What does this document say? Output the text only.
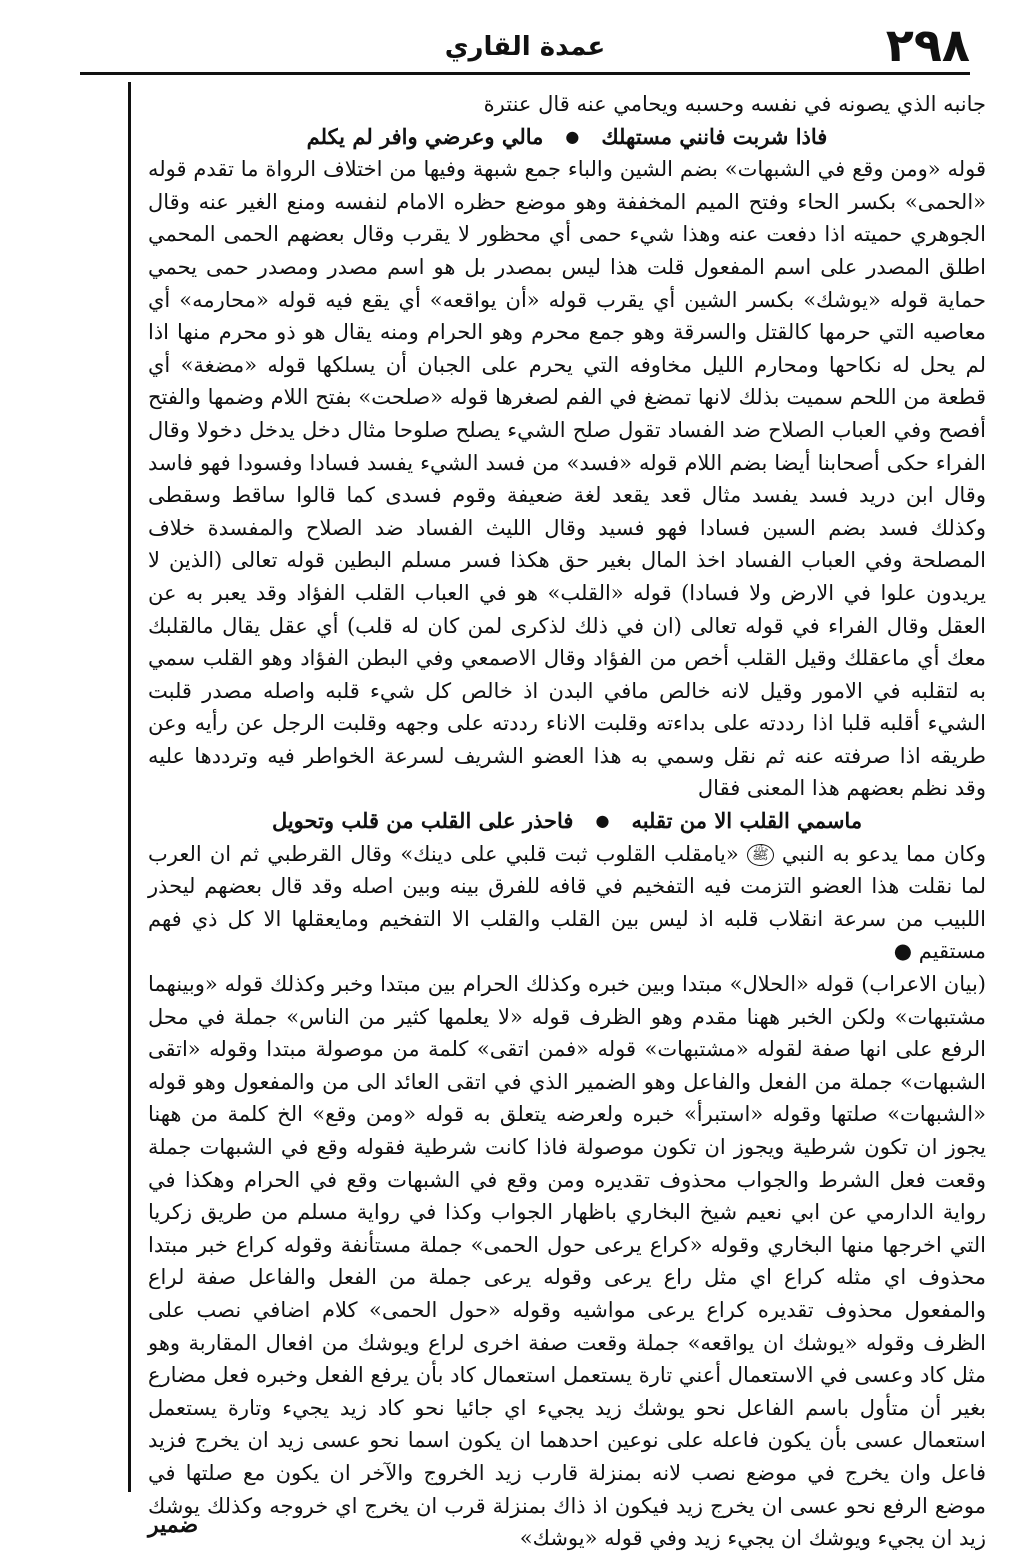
٢٩٨
عمدة القاري

جانبه الذي يصونه في نفسه وحسبه ويحامي عنه قال عنترة

فاذا شربت فانني مستهلك
●
مالي وعرضي وافر لم يكلم

قوله «ومن وقع في الشبهات» بضم الشين والباء جمع شبهة وفيها من اختلاف الرواة ما تقدم قوله «الحمى» بكسر الحاء وفتح الميم المخففة وهو موضع حظره الامام لنفسه ومنع الغير عنه وقال الجوهري حميته اذا دفعت عنه وهذا شيء حمى أي محظور لا يقرب وقال بعضهم الحمى المحمي اطلق المصدر على اسم المفعول قلت هذا ليس بمصدر بل هو اسم مصدر ومصدر حمى يحمي حماية قوله «يوشك» بكسر الشين أي يقرب قوله «أن يواقعه» أي يقع فيه قوله «محارمه» أي معاصيه التي حرمها كالقتل والسرقة وهو جمع محرم وهو الحرام ومنه يقال هو ذو محرم منها اذا لم يحل له نكاحها ومحارم الليل مخاوفه التي يحرم على الجبان أن يسلكها قوله «مضغة» أي قطعة من اللحم سميت بذلك لانها تمضغ في الفم لصغرها قوله «صلحت» بفتح اللام وضمها والفتح أفصح وفي العباب الصلاح ضد الفساد تقول صلح الشيء يصلح صلوحا مثال دخل يدخل دخولا وقال الفراء حكى أصحابنا أيضا بضم اللام قوله «فسد» من فسد الشيء يفسد فسادا وفسودا فهو فاسد وقال ابن دريد فسد يفسد مثال قعد يقعد لغة ضعيفة وقوم فسدى كما قالوا ساقط وسقطى وكذلك فسد بضم السين فسادا فهو فسيد وقال الليث الفساد ضد الصلاح والمفسدة خلاف المصلحة وفي العباب الفساد اخذ المال بغير حق هكذا فسر مسلم البطين قوله تعالى (الذين لا يريدون علوا في الارض ولا فسادا) قوله «القلب» هو في العباب القلب الفؤاد وقد يعبر به عن العقل وقال الفراء في قوله تعالى (ان في ذلك لذكرى لمن كان له قلب) أي عقل يقال مالقلبك معك أي ماعقلك وقيل القلب أخص من الفؤاد وقال الاصمعي وفي البطن الفؤاد وهو القلب سمي به لتقلبه في الامور وقيل لانه خالص مافي البدن اذ خالص كل شيء قلبه واصله مصدر قلبت الشيء أقلبه قلبا اذا رددته على بداءته وقلبت الاناء رددته على وجهه وقلبت الرجل عن رأيه وعن طريقه اذا صرفته عنه ثم نقل وسمي به هذا العضو الشريف لسرعة الخواطر فيه وترددها عليه وقد نظم بعضهم هذا المعنى فقال

ماسمي القلب الا من تقلبه
●
فاحذر على القلب من قلب وتحويل

وكان مما يدعو به النبي ﷺ «يامقلب القلوب ثبت قلبي على دينك» وقال القرطبي ثم ان العرب لما نقلت هذا العضو التزمت فيه التفخيم في قافه للفرق بينه وبين اصله وقد قال بعضهم ليحذر اللبيب من سرعة انقلاب قلبه اذ ليس بين القلب والقلب الا التفخيم ومايعقلها الا كل ذي فهم مستقيم ●

(بيان الاعراب) قوله «الحلال» مبتدا وبين خبره وكذلك الحرام بين مبتدا وخبر وكذلك قوله «وبينهما مشتبهات» ولكن الخبر ههنا مقدم وهو الظرف قوله «لا يعلمها كثير من الناس» جملة في محل الرفع على انها صفة لقوله «مشتبهات» قوله «فمن اتقى» كلمة من موصولة مبتدا وقوله «اتقى الشبهات» جملة من الفعل والفاعل وهو الضمير الذي في اتقى العائد الى من والمفعول وهو قوله «الشبهات» صلتها وقوله «استبرأ» خبره ولعرضه يتعلق به قوله «ومن وقع» الخ كلمة من ههنا يجوز ان تكون شرطية ويجوز ان تكون موصولة فاذا كانت شرطية فقوله وقع في الشبهات جملة وقعت فعل الشرط والجواب محذوف تقديره ومن وقع في الشبهات وقع في الحرام وهكذا في رواية الدارمي عن ابي نعيم شيخ البخاري باظهار الجواب وكذا في رواية مسلم من طريق زكريا التي اخرجها منها البخاري وقوله «كراع يرعى حول الحمى» جملة مستأنفة وقوله كراع خبر مبتدا محذوف اي مثله كراع اي مثل راع يرعى وقوله يرعى جملة من الفعل والفاعل صفة لراع والمفعول محذوف تقديره كراع يرعى مواشيه وقوله «حول الحمى» كلام اضافي نصب على الظرف وقوله «يوشك ان يواقعه» جملة وقعت صفة اخرى لراع ويوشك من افعال المقاربة وهو مثل كاد وعسى في الاستعمال أعني تارة يستعمل استعمال كاد بأن يرفع الفعل وخبره فعل مضارع بغير أن متأول باسم الفاعل نحو يوشك زيد يجيء اي جائيا نحو كاد زيد يجيء وتارة يستعمل استعمال عسى بأن يكون فاعله على نوعين احدهما ان يكون اسما نحو عسى زيد ان يخرج فزيد فاعل وان يخرج في موضع نصب لانه بمنزلة قارب زيد الخروج والآخر ان يكون مع صلتها في موضع الرفع نحو عسى ان يخرج زيد فيكون اذ ذاك بمنزلة قرب ان يخرج اي خروجه وكذلك يوشك زيد ان يجيء ويوشك ان يجيء زيد وفي قوله «يوشك»

ضمير
